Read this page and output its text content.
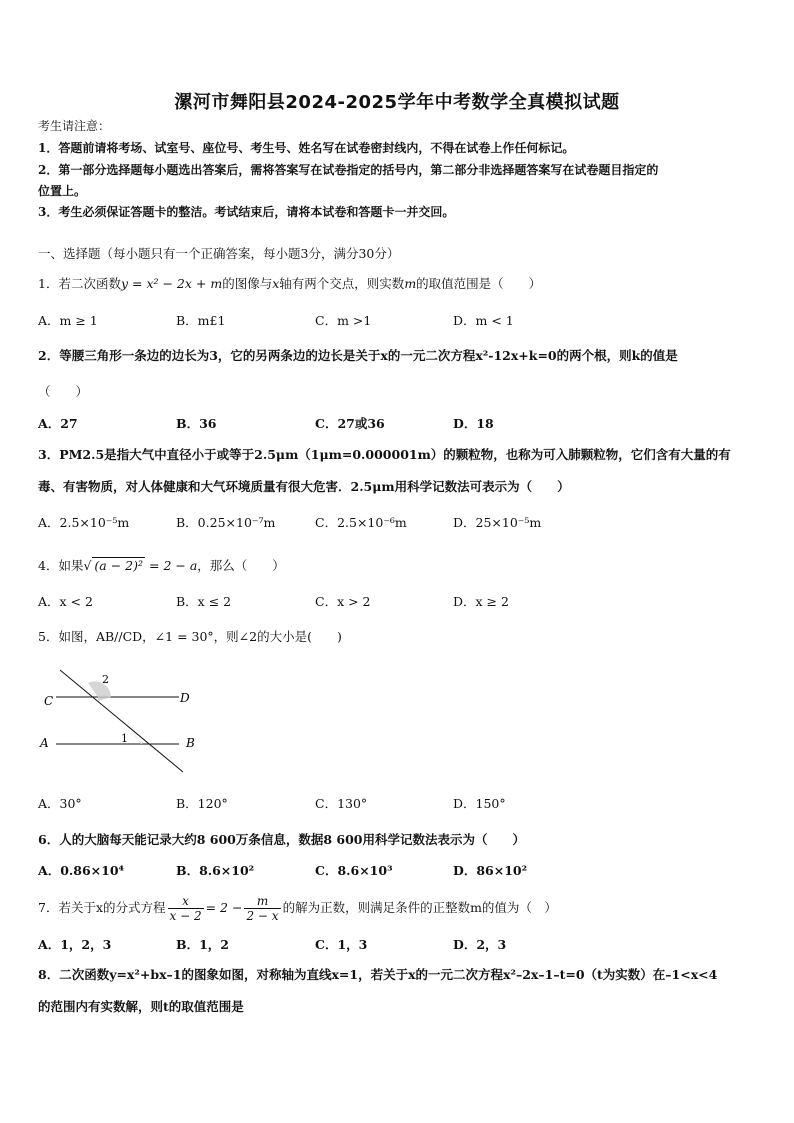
漯河市舞阳县2024-2025学年中考数学全真模拟试题
考生请注意：
1．答题前请将考场、试室号、座位号、考生号、姓名写在试卷密封线内，不得在试卷上作任何标记。
2．第一部分选择题每小题选出答案后，需将答案写在试卷指定的括号内，第二部分非选择题答案写在试卷题目指定的
位置上。
3．考生必须保证答题卡的整洁。考试结束后，请将本试卷和答题卡一并交回。
一、选择题（每小题只有一个正确答案，每小题3分，满分30分）
1．若二次函数y = x² − 2x + m的图像与x轴有两个交点，则实数m的取值范围是（　　）
A．m ≥ 1	B．m£1	C．m >1	D．m < 1
2．等腰三角形一条边的边长为3，它的另两条边的边长是关于x的一元二次方程x²-12x+k=0的两个根，则k的值是
（　　）
A．27	B．36	C．27或36	D．18
3．PM2.5是指大气中直径小于或等于2.5μm（1μm=0.000001m）的颗粒物，也称为可入肺颗粒物，它们含有大量的有
毒、有害物质，对人体健康和大气环境质量有很大危害．2.5μm用科学记数法可表示为（　　）
A．2.5×10⁻⁵m	B．0.25×10⁻⁷m	C．2.5×10⁻⁶m	D．25×10⁻⁵m
4．如果√ (a − 2)² = 2 − a，那么（　　）
A．x < 2	B．x ≤ 2	C．x > 2	D．x ≥ 2
5．如图，AB//CD，∠1 = 30°，则∠2的大小是(　　)
C	D
A	B
1
2
A．30°	B．120°	C．130°	D．150°
6．人的大脑每天能记录大约8 600万条信息，数据8 600用科学记数法表示为（　　）
A．0.86×10⁴	B．8.6×10²	C．8.6×10³	D．86×10²
7．若关于x的分式方程 $\frac{x}{x - 2} = 2 - \frac{m}{2 - x}$ 的解为正数，则满足条件的正整数m的值为（　）
A．1，2，3	B．1，2	C．1，3	D．2，3
8．二次函数y=x²+bx–1的图象如图，对称轴为直线x=1，若关于x的一元二次方程x²–2x–1–t=0（t为实数）在–1<x<4
的范围内有实数解，则t的取值范围是
